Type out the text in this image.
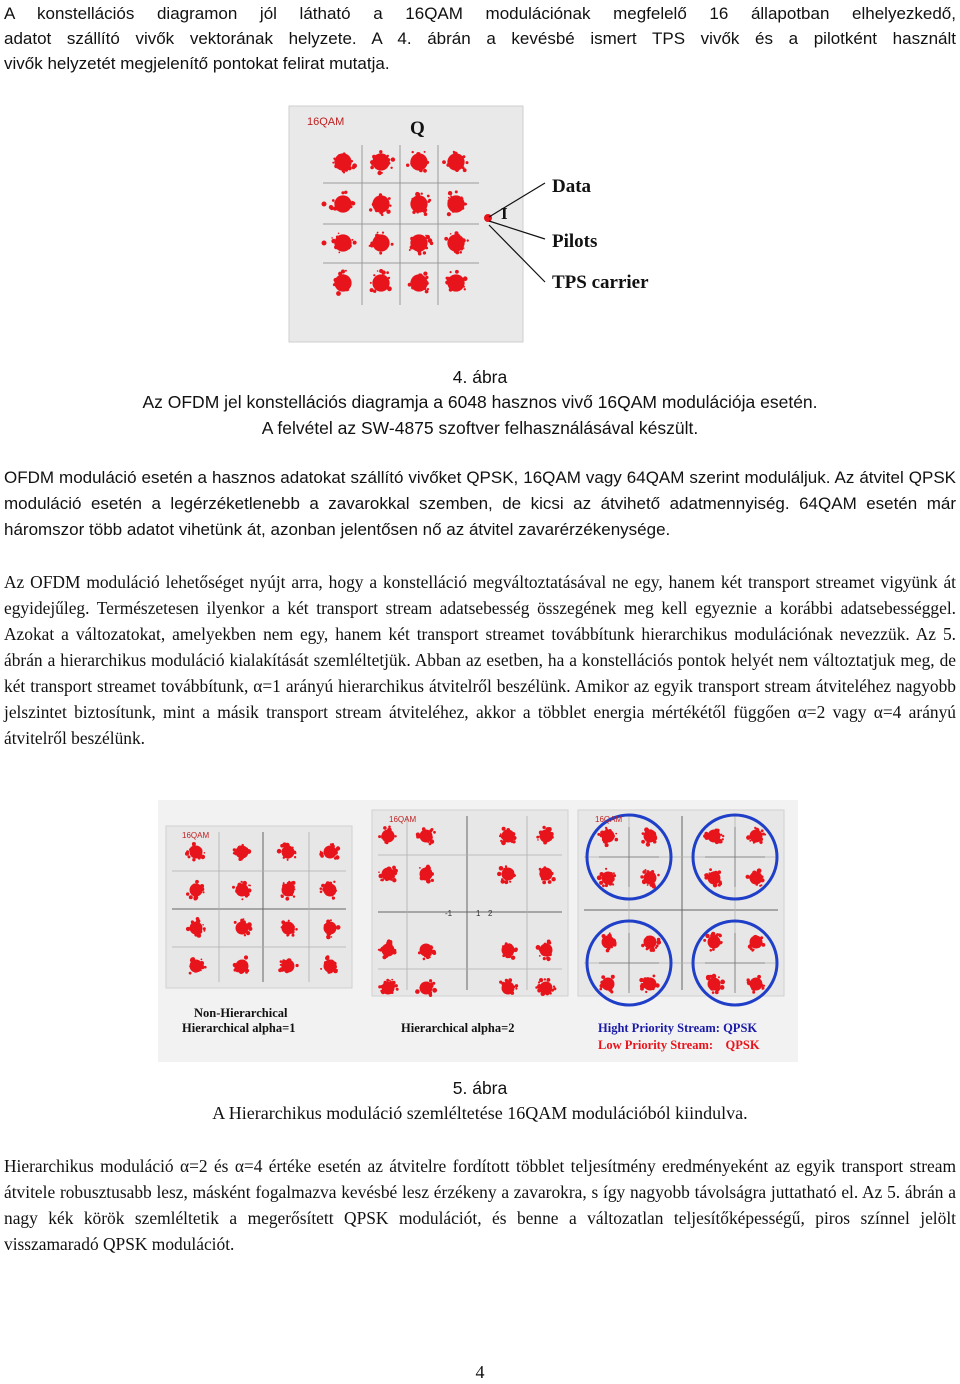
A konstellációs diagramon jól látható a 16QAM modulációnak megfelelő 16 állapotban elhelyezkedő,
adatot szállító vivők vektorának helyzete. A 4. ábrán a kevésbé ismert TPS vivők és a pilotként használt
vivők helyzetét megjelenítő pontokat felirat mutatja.
16QAM	Q
I
Data
Pilots
TPS carrier
4. ábra
Az OFDM jel konstellációs diagramja a 6048 hasznos vivő 16QAM modulációja esetén.
A felvétel az SW-4875 szoftver felhasználásával készült.
OFDM moduláció esetén a hasznos adatokat szállító vivőket QPSK, 16QAM vagy 64QAM szerint moduláljuk. Az átvitel QPSK moduláció esetén a legérzéketlenebb a zavarokkal szemben, de kicsi az átvihető adatmennyiség. 64QAM esetén már háromszor több adatot vihetünk át, azonban jelentősen nő az átvitel zavarérzékenysége.
Az OFDM moduláció lehetőséget nyújt arra, hogy a konstelláció megváltoztatásával ne egy, hanem két transport streamet vigyünk át egyidejűleg. Természetesen ilyenkor a két transport stream adatsebesség összegének meg kell egyeznie a korábbi adatsebességgel. Azokat a változatokat, amelyekben nem egy, hanem két transport streamet továbbítunk hierarchikus modulációnak nevezzük. Az 5. ábrán a hierarchikus moduláció kialakítását szemléltetjük. Abban az esetben, ha a konstellációs pontok helyét nem változtatjuk meg, de két transport streamet továbbítunk, α=1 arányú hierarchikus átvitelről beszélünk. Amikor az egyik transport stream átviteléhez nagyobb jelszintet biztosítunk, mint a másik transport stream átviteléhez, akkor a többlet energia mértékétől függően α=2 vagy α=4 arányú átvitelről beszélünk.
16QAM
16QAM	16QAM
-1	1 2
Non-Hierarchical
Hierarchical alpha=1	Hierarchical alpha=2	Hight Priority Stream: QPSK
Low Priority Stream:    QPSK
5. ábra
A Hierarchikus moduláció szemléltetése 16QAM modulációból kiindulva.
Hierarchikus moduláció α=2 és α=4 értéke esetén az átvitelre fordított többlet teljesítmény eredményeként az egyik transport stream átvitele robusztusabb lesz, másként fogalmazva kevésbé lesz érzékeny a zavarokra, s így nagyobb távolságra juttatható el. Az 5. ábrán a nagy kék körök szemléltetik a megerősített QPSK modulációt, és benne a változatlan teljesítőképességű, piros színnel jelölt visszamaradó QPSK modulációt.
4
